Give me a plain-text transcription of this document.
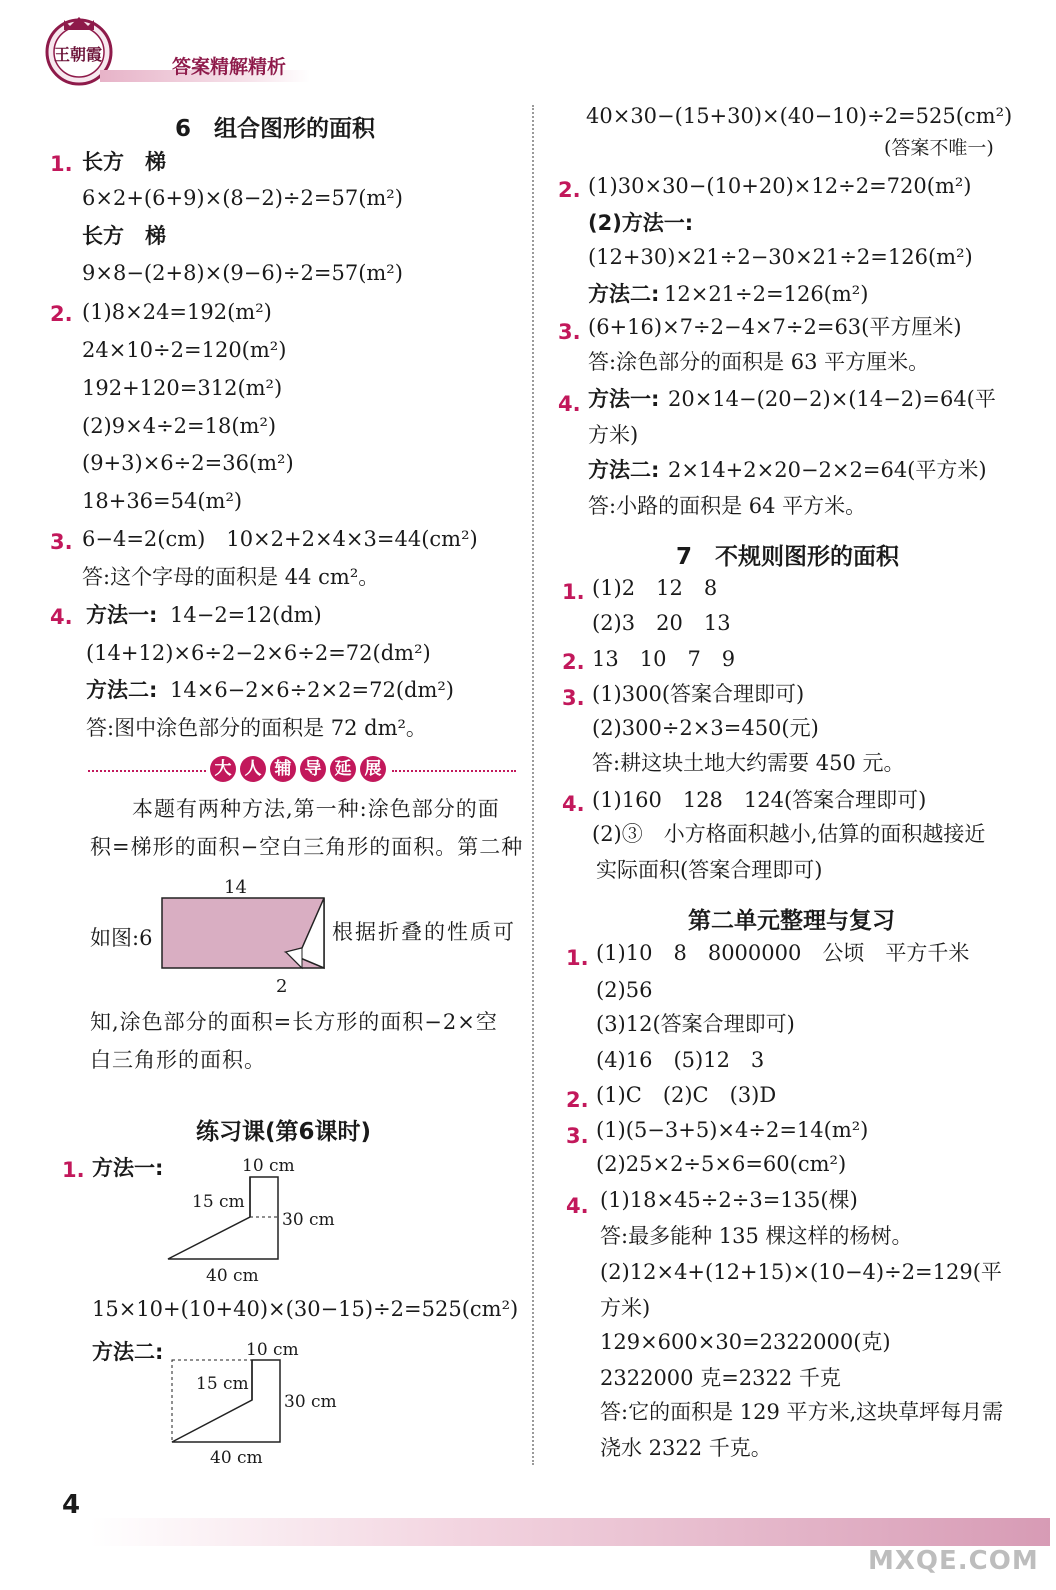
王朝霞
答案精解精析
6　组合图形的面积
1. 长方　梯
6×2+(6+9)×(8−2)÷2=57(m²)
长方　梯
9×8−(2+8)×(9−6)÷2=57(m²)
2. (1)8×24=192(m²)
24×10÷2=120(m²)
192+120=312(m²)
(2)9×4÷2=18(m²)
(9+3)×6÷2=36(m²)
18+36=54(m²)
3. 6−4=2(cm)　10×2+2×4×3=44(cm²)
答:这个字母的面积是 44 cm²。
4. 方法一: 14−2=12(dm)
(14+12)×6÷2−2×6÷2=72(dm²)
方法二: 14×6−2×6÷2×2=72(dm²)
答:图中涂色部分的面积是 72 dm²。
大 人 辅 导 延 展
本题有两种方法,第一种:涂色部分的面
积=梯形的面积−空白三角形的面积。第二种
14
如图:6
2
根据折叠的性质可
知,涂色部分的面积=长方形的面积−2×空
白三角形的面积。
练习课(第6课时)
1. 方法一:	10 cm
15 cm
30 cm
40 cm
15×10+(10+40)×(30−15)÷2=525(cm²)
方法二:	10 cm
15 cm
30 cm
40 cm
40×30−(15+30)×(40−10)÷2=525(cm²)
(答案不唯一)
2. (1)30×30−(10+20)×12÷2=720(m²)
(2)方法一:
(12+30)×21÷2−30×21÷2=126(m²)
方法二: 12×21÷2=126(m²)
3. (6+16)×7÷2−4×7÷2=63(平方厘米)
答:涂色部分的面积是 63 平方厘米。
4. 方法一: 20×14−(20−2)×(14−2)=64(平
方米)
方法二: 2×14+2×20−2×2=64(平方米)
答:小路的面积是 64 平方米。
7　不规则图形的面积
1. (1)2　12　8
(2)3　20　13
2. 13　10　7　9
3. (1)300(答案合理即可)
(2)300÷2×3=450(元)
答:耕这块土地大约需要 450 元。
4. (1)160　128　124(答案合理即可)
(2)③　小方格面积越小,估算的面积越接近
实际面积(答案合理即可)
第二单元整理与复习
1. (1)10　8　8000000　公顷　平方千米
(2)56
(3)12(答案合理即可)
(4)16　(5)12　3
2. (1)C　(2)C　(3)D
3. (1)(5−3+5)×4÷2=14(m²)
(2)25×2÷5×6=60(cm²)
4. (1)18×45÷2÷3=135(棵)
答:最多能种 135 棵这样的杨树。
(2)12×4+(12+15)×(10−4)÷2=129(平
方米)
129×600×30=2322000(克)
2322000 克=2322 千克
答:它的面积是 129 平方米,这块草坪每月需
浇水 2322 千克。
4
MXQE.COM
